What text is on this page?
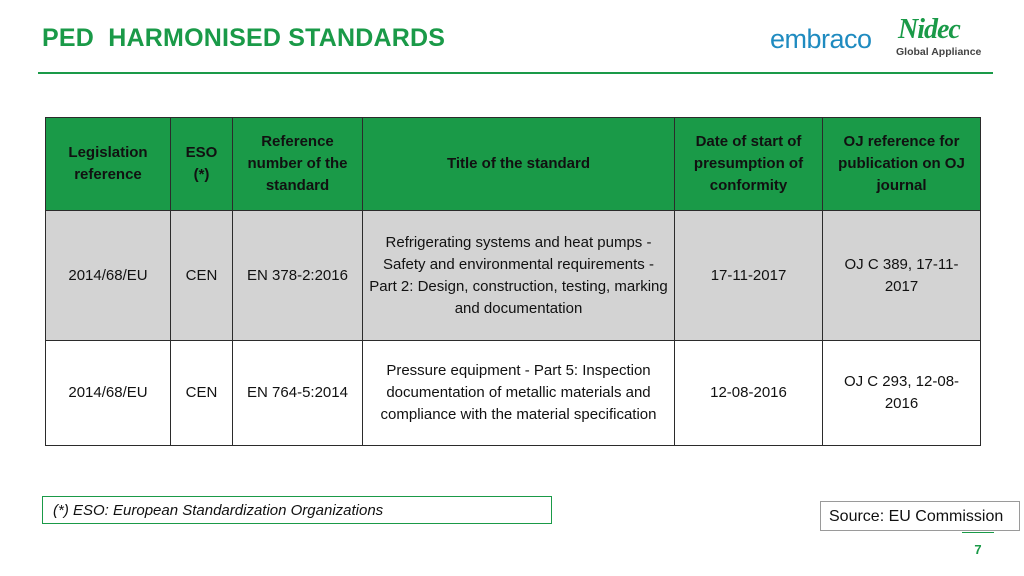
PED  HARMONISED STANDARDS	embraco Nidec
Global Appliance
Legislation reference	ESO (*)	Reference number of the standard	Title of the standard	Date of start of presumption of conformity	OJ reference for publication on OJ journal
2014/68/EU	CEN	EN 378-2:2016	Refrigerating systems and heat pumps - Safety and environmental requirements - Part 2: Design, construction, testing, marking and documentation	17-11-2017	OJ C 389, 17-11-2017
2014/68/EU	CEN	EN 764-5:2014	Pressure equipment - Part 5: Inspection documentation of metallic materials and compliance with the material specification	12-08-2016	OJ C 293, 12-08-2016
(*) ESO: European Standardization Organizations	Source: EU Commission
7
